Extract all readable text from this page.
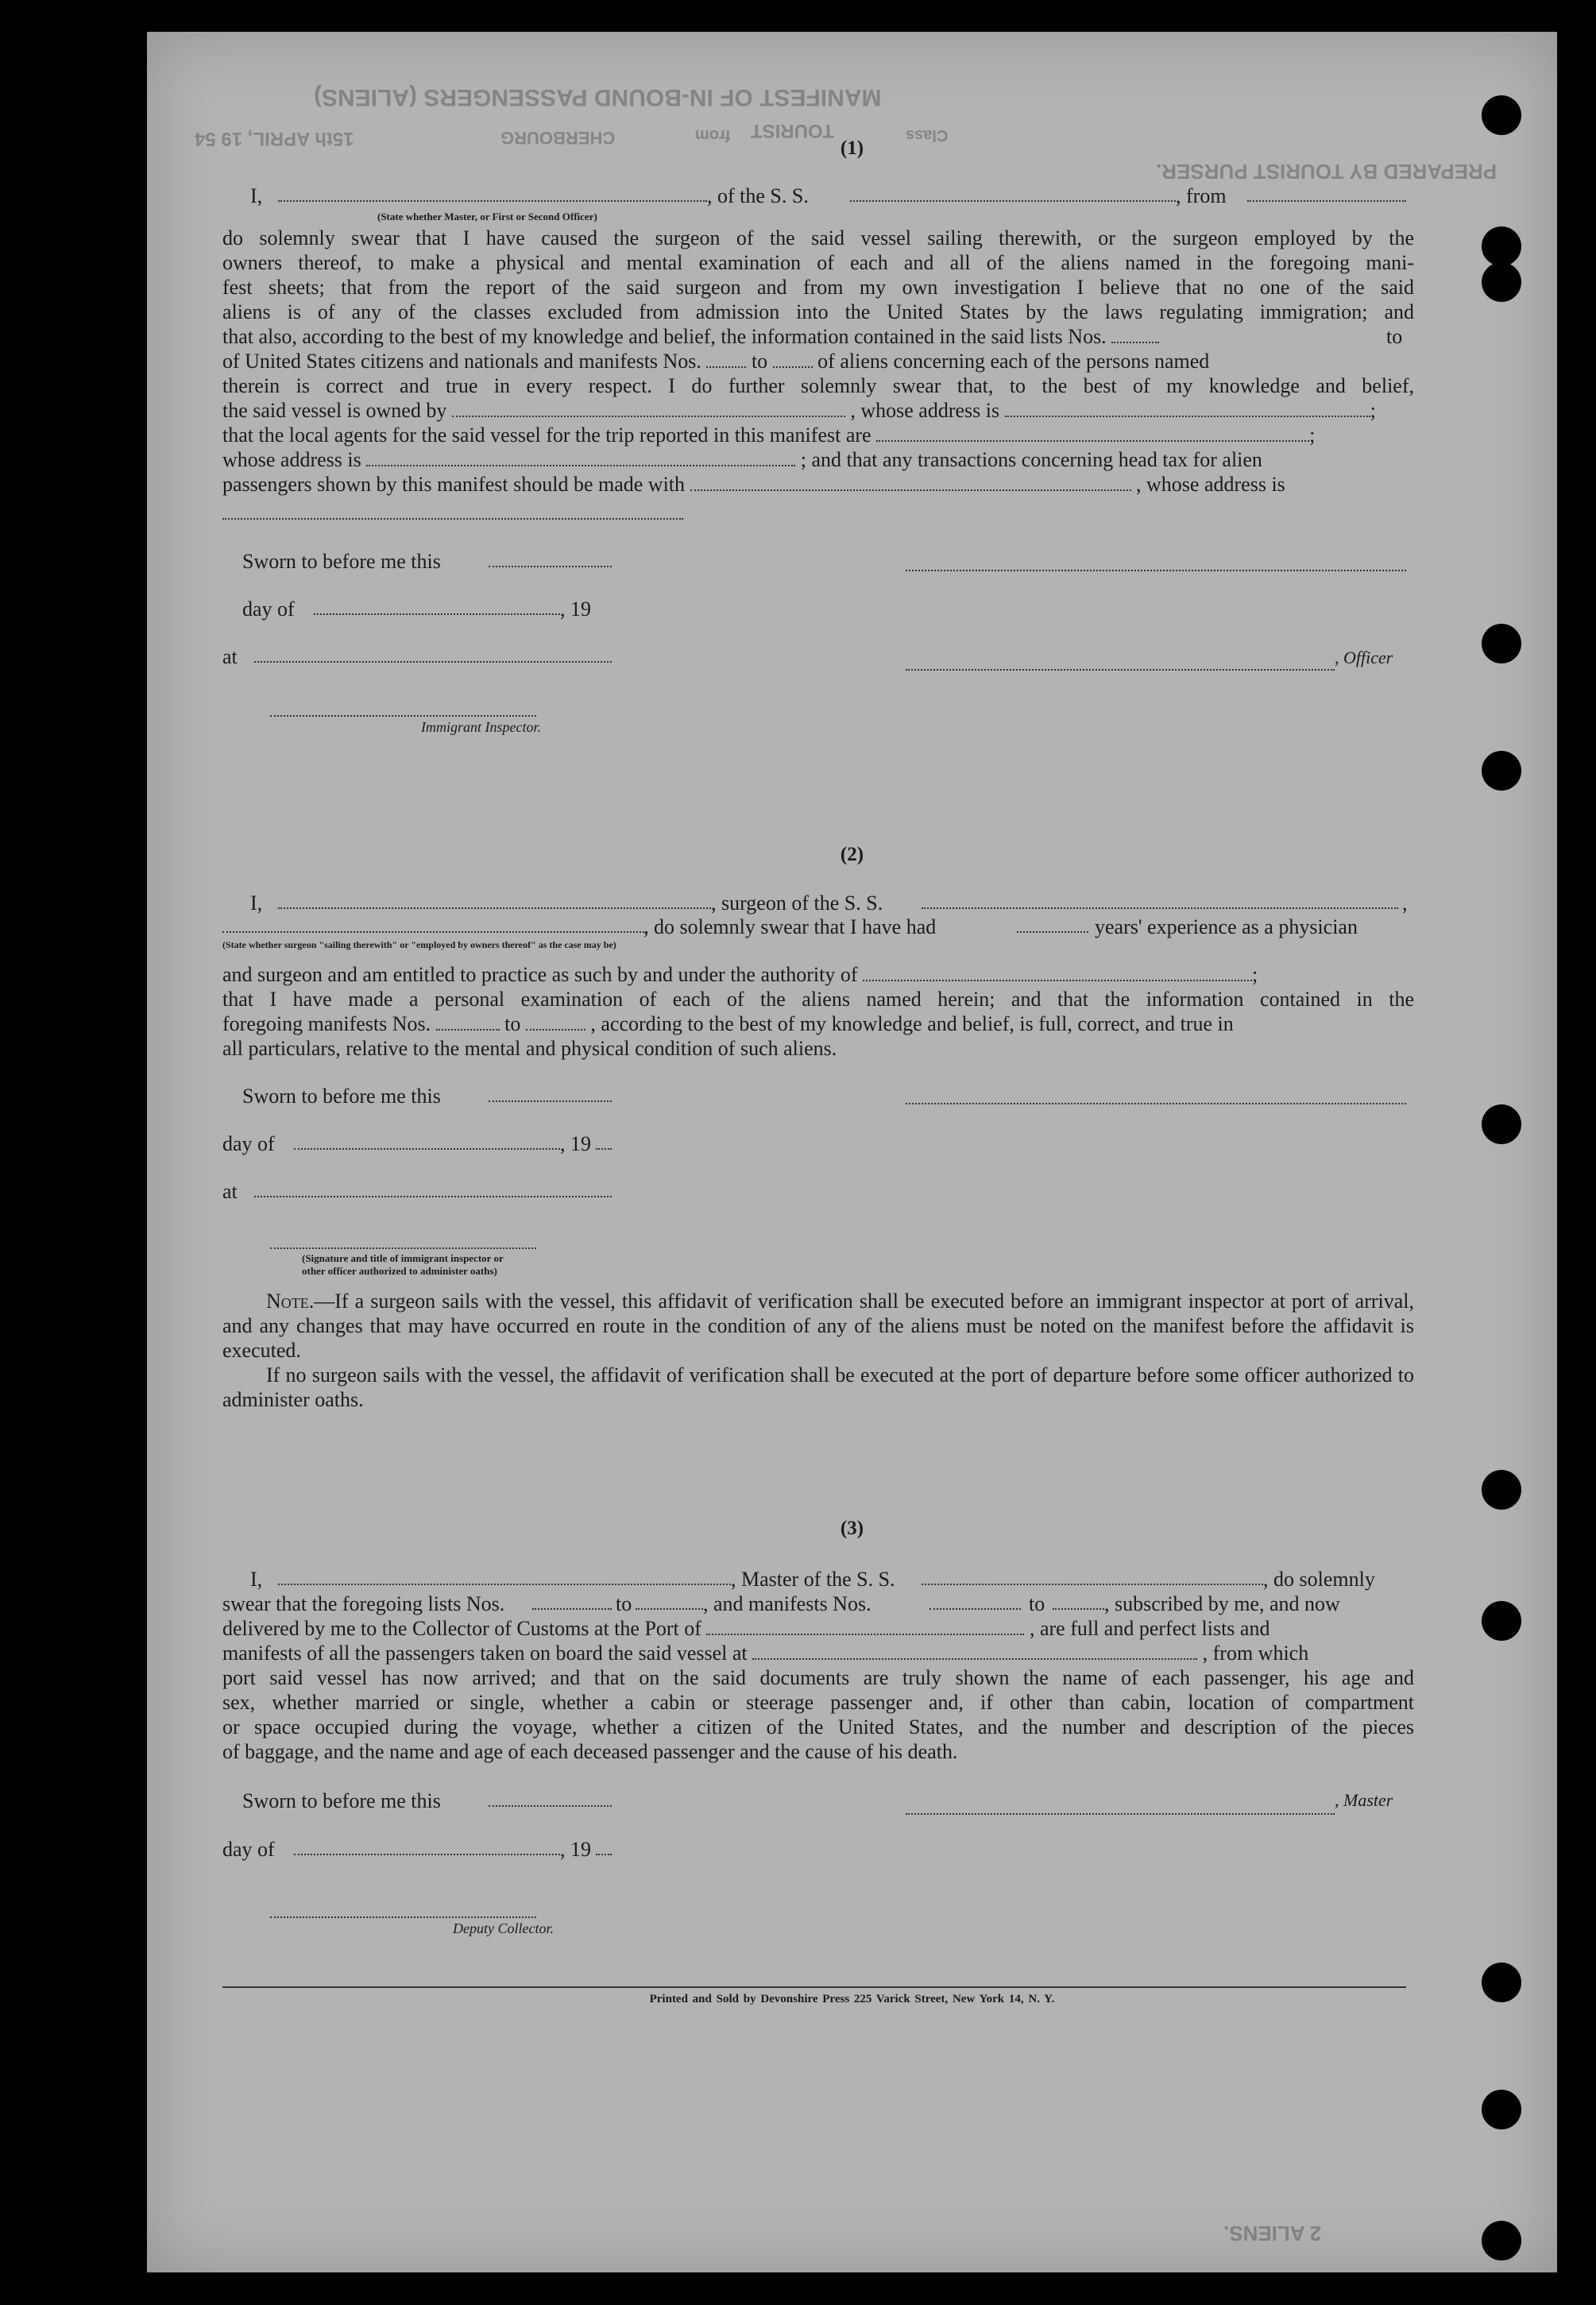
MANIFEST OF IN-BOUND PASSENGERS (ALIENS)
TOURIST
from
CHERBOURG
15th APRIL, 19 54	Class
PREPARED BY TOURIST PURSER.
2 ALIENS.
(1)
I,	, of the S. S.	, from
(State whether Master, or First or Second Officer)
do solemnly swear that I have caused the surgeon of the said vessel sailing therewith, or the surgeon employed by the
owners thereof, to make a physical and mental examination of each and all of the aliens named in the foregoing mani-
fest sheets; that from the report of the said surgeon and from my own investigation I believe that no one of the said
aliens is of any of the classes excluded from admission into the United States by the laws regulating immigration; and
that also, according to the best of my knowledge and belief, the information contained in the said lists Nos.	to
of United States citizens and nationals and manifests Nos. to of aliens concerning each of the persons named
therein is correct and true in every respect. I do further solemnly swear that, to the best of my knowledge and belief,
the said vessel is owned by	, whose address is	;
that the local agents for the said vessel for the trip reported in this manifest are	;
whose address is	; and that any transactions concerning head tax for alien
passengers shown by this manifest should be made with	, whose address is
Sworn to before me this
day of	, 19
at	, Officer
Immigrant Inspector.
(2)
I,	, surgeon of the S. S.	,
, do solemnly swear that I have had	years' experience as a physician
(State whether surgeon "sailing therewith" or "employed by owners thereof" as the case may be)
and surgeon and am entitled to practice as such by and under the authority of	;
that I have made a personal examination of each of the aliens named herein; and that the information contained in the
foregoing manifests Nos.	to	, according to the best of my knowledge and belief, is full, correct, and true in
all particulars, relative to the mental and physical condition of such aliens.
Sworn to before me this
day of	, 19
at
(Signature and title of immigrant inspector or
other officer authorized to administer oaths)
Note.—If a surgeon sails with the vessel, this affidavit of verification shall be executed before an immigrant inspector at port of arrival, and any changes that may have occurred en route in the condition of any of the aliens must be noted on the manifest before the affidavit is executed.
If no surgeon sails with the vessel, the affidavit of verification shall be executed at the port of departure before some officer authorized to administer oaths.
(3)
I,	, Master of the S. S.	, do solemnly
swear that the foregoing lists Nos.	to	, and manifests Nos.	to	, subscribed by me, and now
delivered by me to the Collector of Customs at the Port of	, are full and perfect lists and
manifests of all the passengers taken on board the said vessel at	, from which
port said vessel has now arrived; and that on the said documents are truly shown the name of each passenger, his age and
sex, whether married or single, whether a cabin or steerage passenger and, if other than cabin, location of compartment
or space occupied during the voyage, whether a citizen of the United States, and the number and description of the pieces
of baggage, and the name and age of each deceased passenger and the cause of his death.
Sworn to before me this	, Master
day of	, 19
Deputy Collector.
Printed and Sold by Devonshire Press 225 Varick Street, New York 14, N. Y.
